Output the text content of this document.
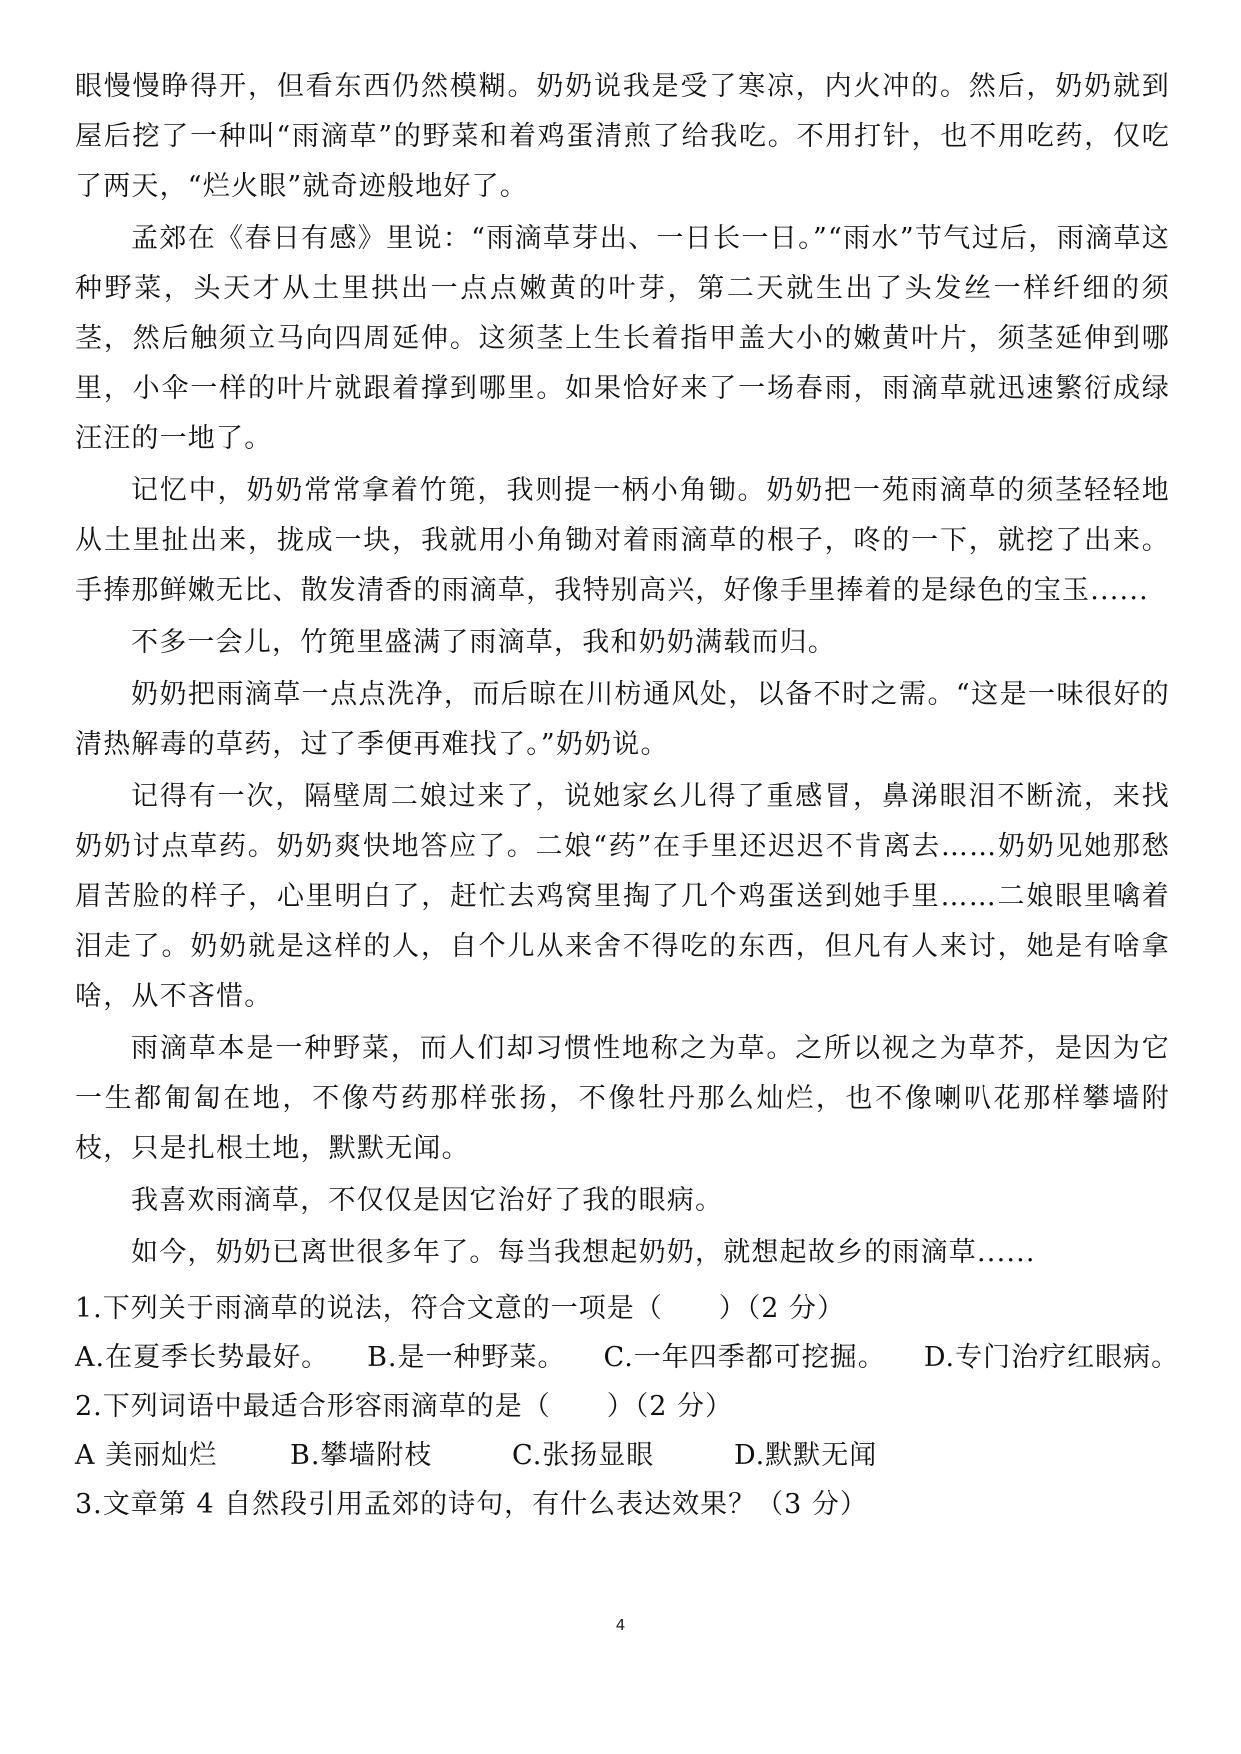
眼慢慢睁得开，但看东西仍然模糊。奶奶说我是受了寒凉，内火冲的。然后，奶奶就到屋后挖了一种叫“雨滴草”的野菜和着鸡蛋清煎了给我吃。不用打针，也不用吃药，仅吃了两天，“烂火眼”就奇迹般地好了。

孟郊在《春日有感》里说：“雨滴草芽出、一日长一日。”“雨水”节气过后，雨滴草这种野菜，头天才从土里拱出一点点嫩黄的叶芽，第二天就生出了头发丝一样纤细的须茎，然后触须立马向四周延伸。这须茎上生长着指甲盖大小的嫩黄叶片，须茎延伸到哪里，小伞一样的叶片就跟着撑到哪里。如果恰好来了一场春雨，雨滴草就迅速繁衍成绿汪汪的一地了。

记忆中，奶奶常常拿着竹篼，我则提一柄小角锄。奶奶把一苑雨滴草的须茎轻轻地从土里扯出来，拢成一块，我就用小角锄对着雨滴草的根子，咚的一下，就挖了出来。手捧那鲜嫩无比、散发清香的雨滴草，我特别高兴，好像手里捧着的是绿色的宝玉......

不多一会儿，竹篼里盛满了雨滴草，我和奶奶满载而归。

奶奶把雨滴草一点点洗净，而后晾在川枋通风处，以备不时之需。“这是一味很好的清热解毒的草药，过了季便再难找了。”奶奶说。

记得有一次，隔壁周二娘过来了，说她家幺儿得了重感冒，鼻涕眼泪不断流，来找奶奶讨点草药。奶奶爽快地答应了。二娘“药”在手里还迟迟不肯离去……奶奶见她那愁眉苦脸的样子，心里明白了，赶忙去鸡窝里掏了几个鸡蛋送到她手里……二娘眼里噙着泪走了。奶奶就是这样的人，自个儿从来舍不得吃的东西，但凡有人来讨，她是有啥拿啥，从不吝惜。

雨滴草本是一种野菜，而人们却习惯性地称之为草。之所以视之为草芥，是因为它一生都匍匐在地，不像芍药那样张扬，不像牡丹那么灿烂，也不像喇叭花那样攀墙附枝，只是扎根土地，默默无闻。

我喜欢雨滴草，不仅仅是因它治好了我的眼病。

如今，奶奶已离世很多年了。每当我想起奶奶，就想起故乡的雨滴草......

1.下列关于雨滴草的说法，符合文意的一项是（　　）（2 分）

A.在夏季长势最好。 B.是一种野菜。 C.一年四季都可挖掘。 D.专门治疗红眼病。

2.下列词语中最适合形容雨滴草的是（　　）（2 分）

A 美丽灿烂	B.攀墙附枝	C.张扬显眼	D.默默无闻

3.文章第 4 自然段引用孟郊的诗句，有什么表达效果？（3 分）

4
